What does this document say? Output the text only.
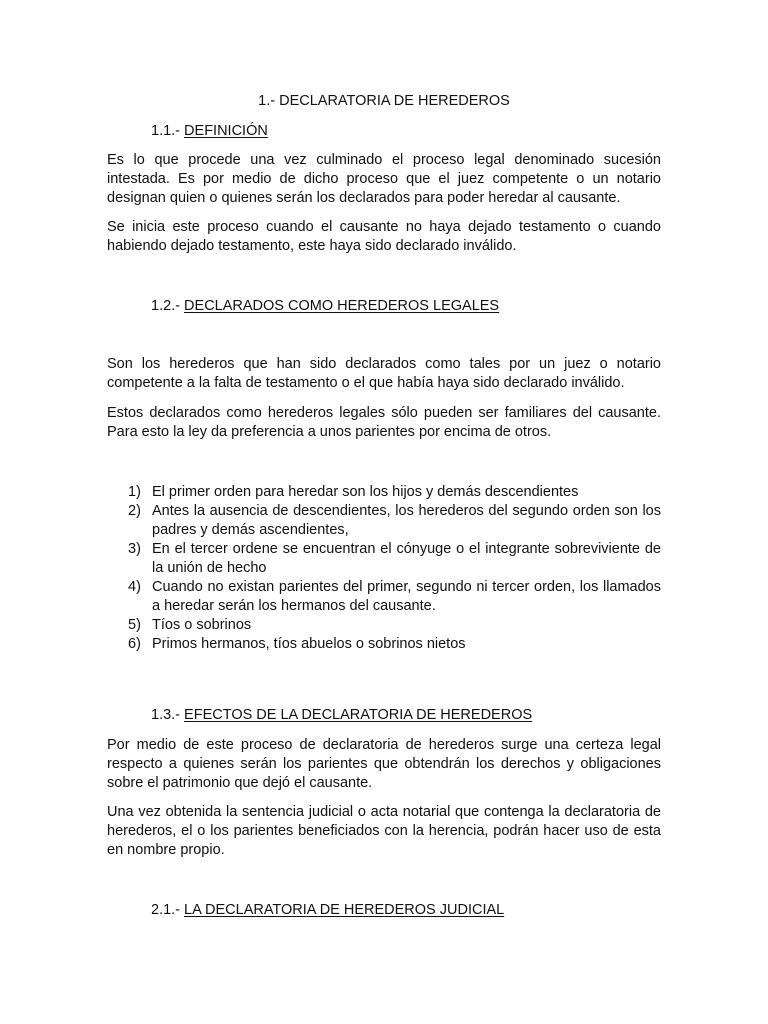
1.- DECLARATORIA DE HEREDEROS
1.1.- DEFINICIÓN
Es lo que procede una vez culminado el proceso legal denominado sucesión intestada. Es por medio de dicho proceso que el juez competente o un notario designan quien o quienes serán los declarados para poder heredar al causante.
Se inicia este proceso cuando el causante no haya dejado testamento o cuando habiendo dejado testamento, este haya sido declarado inválido.
1.2.- DECLARADOS COMO HEREDEROS LEGALES
Son los herederos que han sido declarados como tales por un juez o notario competente a la falta de testamento o el que había haya sido declarado inválido.
Estos declarados como herederos legales sólo pueden ser familiares del causante. Para esto la ley da preferencia a unos parientes por encima de otros.
1) El primer orden para heredar son los hijos y demás descendientes
2) Antes la ausencia de descendientes, los herederos del segundo orden son los padres y demás ascendientes,
3) En el tercer ordene se encuentran el cónyuge o el integrante sobreviviente de la unión de hecho
4) Cuando no existan parientes del primer, segundo ni tercer orden, los llamados a heredar serán los hermanos del causante.
5) Tíos o sobrinos
6) Primos hermanos, tíos abuelos o sobrinos nietos
1.3.- EFECTOS DE LA DECLARATORIA DE HEREDEROS
Por medio de este proceso de declaratoria de herederos surge una certeza legal respecto a quienes serán los parientes que obtendrán los derechos y obligaciones sobre el patrimonio que dejó el causante.
Una vez obtenida la sentencia judicial o acta notarial que contenga la declaratoria de herederos, el o los parientes beneficiados con la herencia, podrán hacer uso de esta en nombre propio.
2.1.- LA DECLARATORIA DE HEREDEROS JUDICIAL
